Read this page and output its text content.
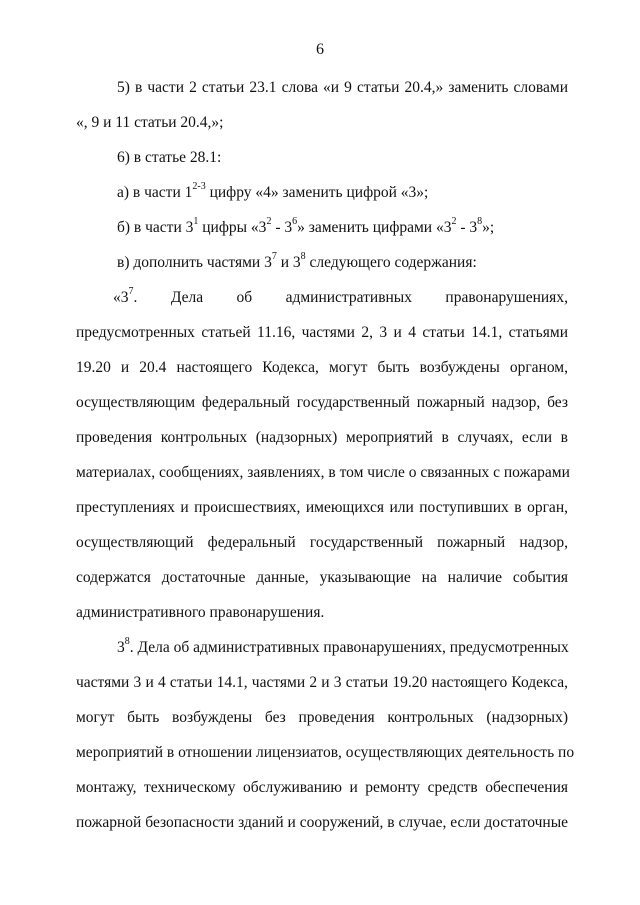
6
5) в части 2 статьи 23.1 слова «и 9 статьи 20.4,» заменить словами
«, 9 и 11 статьи 20.4,»;
6) в статье 28.1:
а) в части 1$^{2-3}$ цифру «4» заменить цифрой «3»;
б) в части $3^1$ цифры «$3^2 - 3^6$» заменить цифрами «$3^2 - 3^8$»;
в) дополнить частями $3^7$ и $3^8$ следующего содержания:
«$3^7$. Дела об административных правонарушениях,
предусмотренных статьей 11.16, частями 2, 3 и 4 статьи 14.1, статьями
19.20 и 20.4 настоящего Кодекса, могут быть возбуждены органом,
осуществляющим федеральный государственный пожарный надзор, без
проведения контрольных (надзорных) мероприятий в случаях, если в
материалах, сообщениях, заявлениях, в том числе о связанных с пожарами
преступлениях и происшествиях, имеющихся или поступивших в орган,
осуществляющий федеральный государственный пожарный надзор,
содержатся достаточные данные, указывающие на наличие события
административного правонарушения.
$3^8$. Дела об административных правонарушениях, предусмотренных
частями 3 и 4 статьи 14.1, частями 2 и 3 статьи 19.20 настоящего Кодекса,
могут быть возбуждены без проведения контрольных (надзорных)
мероприятий в отношении лицензиатов, осуществляющих деятельность по
монтажу, техническому обслуживанию и ремонту средств обеспечения
пожарной безопасности зданий и сооружений, в случае, если достаточные
